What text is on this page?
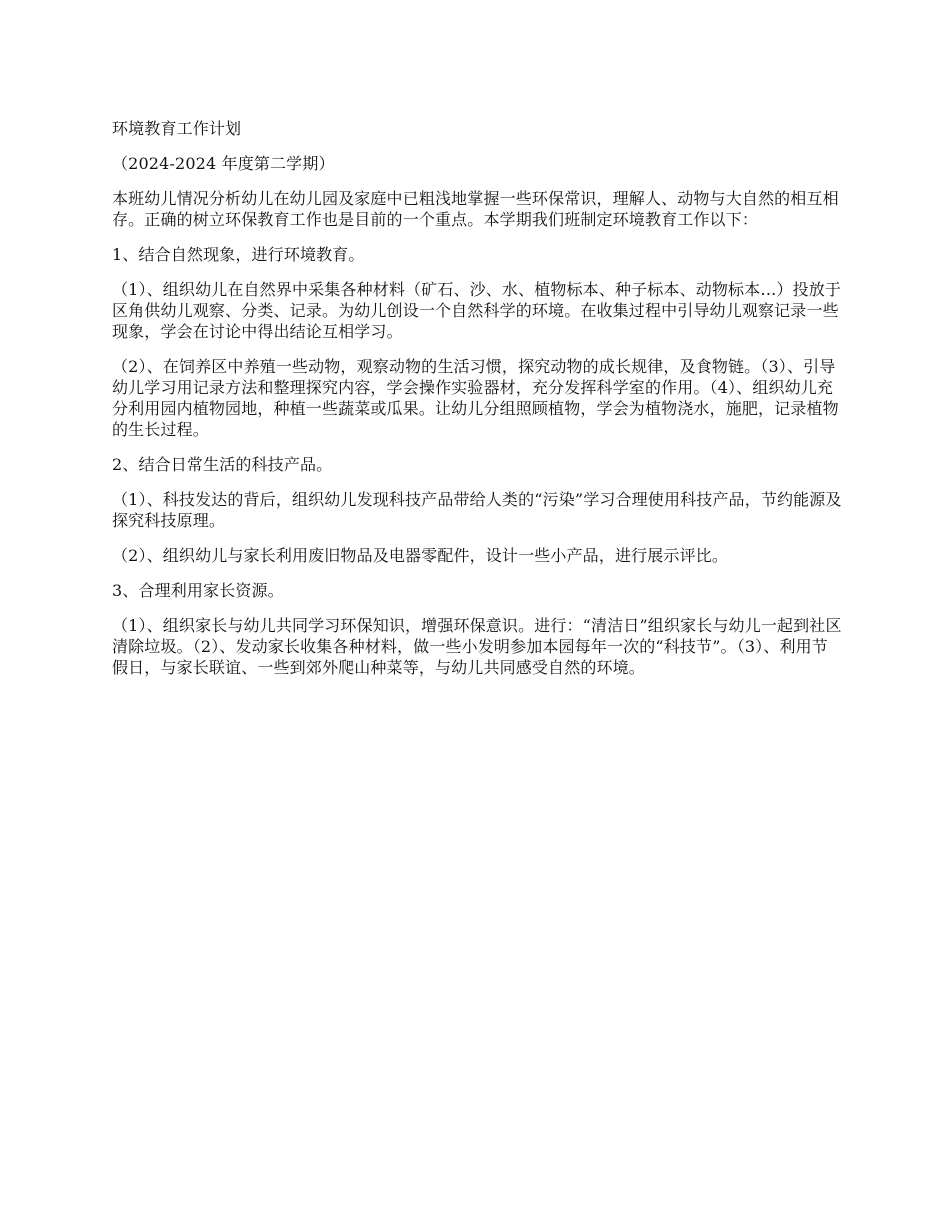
环境教育工作计划

（2024-2024 年度第二学期）

本班幼儿情况分析幼儿在幼儿园及家庭中已粗浅地掌握一些环保常识，理解人、动物与大自然的相互相存。正确的树立环保教育工作也是目前的一个重点。本学期我们班制定环境教育工作以下：

1、结合自然现象，进行环境教育。

（1）、组织幼儿在自然界中采集各种材料（矿石、沙、水、植物标本、种子标本、动物标本…）投放于区角供幼儿观察、分类、记录。为幼儿创设一个自然科学的环境。在收集过程中引导幼儿观察记录一些现象，学会在讨论中得出结论互相学习。

（2）、在饲养区中养殖一些动物，观察动物的生活习惯，探究动物的成长规律，及食物链。（3）、引导幼儿学习用记录方法和整理探究内容，学会操作实验器材，充分发挥科学室的作用。（4）、组织幼儿充分利用园内植物园地，种植一些蔬菜或瓜果。让幼儿分组照顾植物，学会为植物浇水，施肥，记录植物的生长过程。

2、结合日常生活的科技产品。

（1）、科技发达的背后，组织幼儿发现科技产品带给人类的“污染”学习合理使用科技产品，节约能源及探究科技原理。

（2）、组织幼儿与家长利用废旧物品及电器零配件，设计一些小产品，进行展示评比。

3、合理利用家长资源。

（1）、组织家长与幼儿共同学习环保知识，增强环保意识。进行：“清洁日”组织家长与幼儿一起到社区清除垃圾。（2）、发动家长收集各种材料，做一些小发明参加本园每年一次的“科技节”。（3）、利用节假日，与家长联谊、一些到郊外爬山种菜等，与幼儿共同感受自然的环境。
